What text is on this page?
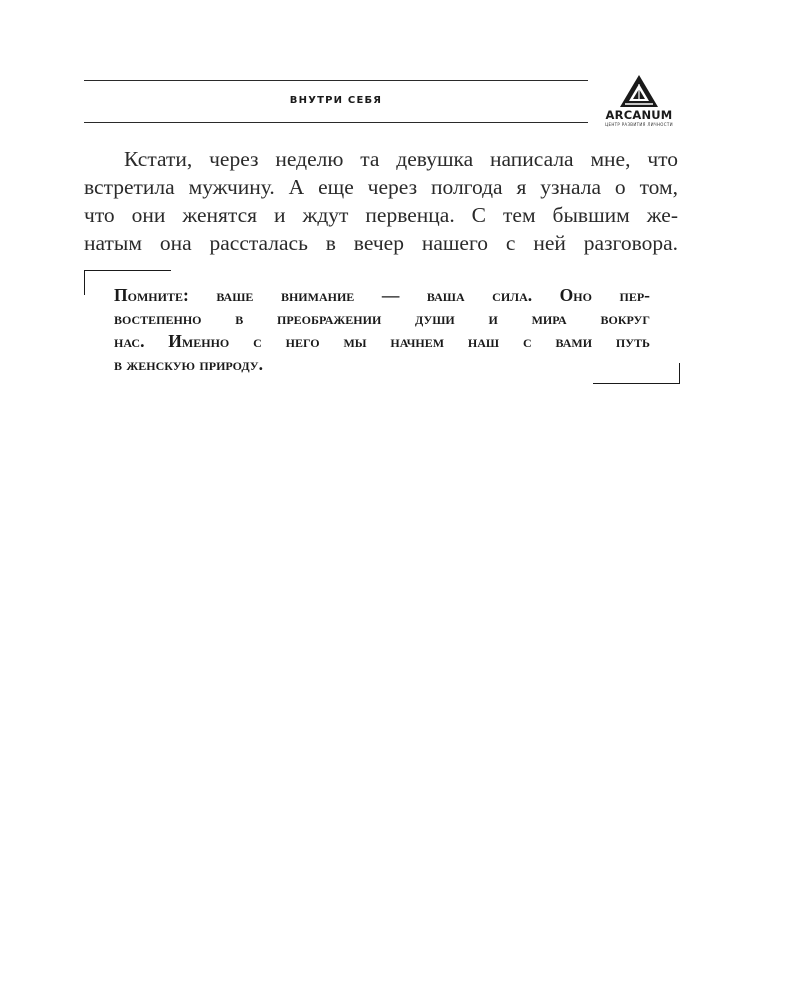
ВНУТРИ СЕБЯ
ARCANUM
ЦЕНТР РАЗВИТИЯ ЛИЧНОСТИ

Кстати, через неделю та девушка написала мне, что
встретила мужчину. А еще через полгода я узнала о том,
что они женятся и ждут первенца. С тем бывшим же-
натым она рассталась в вечер нашего с ней разговора.

Помните: ваше внимание — ваша сила. Оно пер-
востепенно в преображении души и мира вокруг
нас. Именно с него мы начнем наш с вами путь
в женскую природу.
